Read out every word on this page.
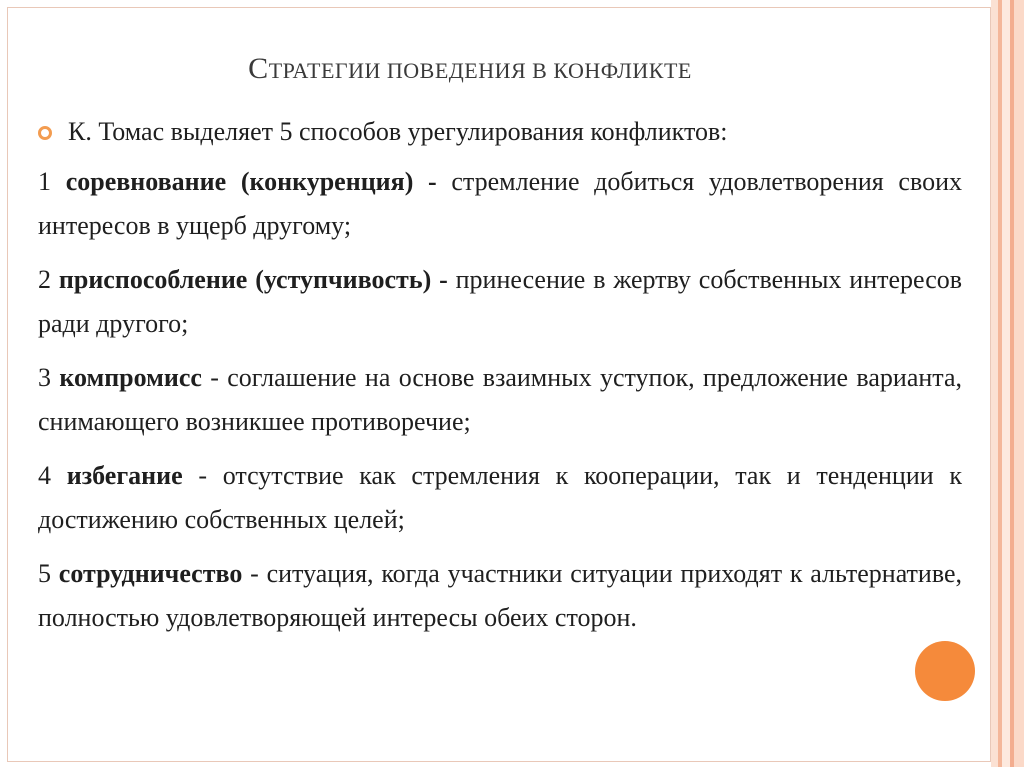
СТРАТЕГИИ ПОВЕДЕНИЯ В КОНФЛИКТЕ

К. Томас выделяет 5 способов урегулирования конфликтов:

1 соревнование (конкуренция) - стремление добиться удовлетворения своих интересов в ущерб другому;

2 приспособление (уступчивость) - принесение в жертву собственных интересов ради другого;

3 компромисс - соглашение на основе взаимных уступок, предложение варианта, снимающего возникшее противоречие;

4 избегание - отсутствие как стремления к кооперации, так и тенденции к достижению собственных целей;

5 сотрудничество - ситуация, когда участники ситуации приходят к альтернативе, полностью удовлетворяющей интересы обеих сторон.
